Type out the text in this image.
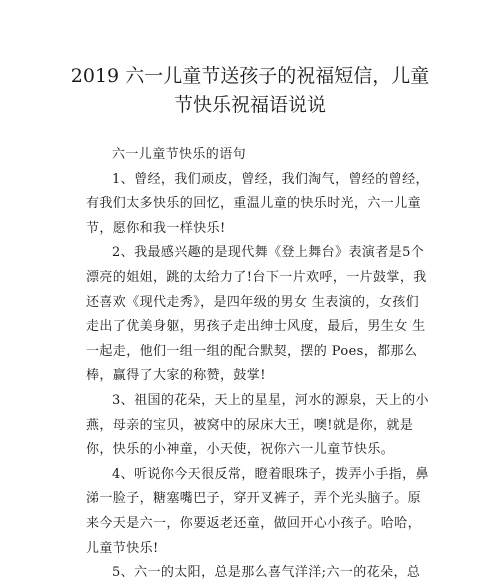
2019 六一儿童节送孩子的祝福短信，儿童
节快乐祝福语说说
六一儿童节快乐的语句
1、曾经，我们顽皮，曾经，我们淘气，曾经的曾经，
有我们太多快乐的回忆，重温儿童的快乐时光，六一儿童
节，愿你和我一样快乐!
2、我最感兴趣的是现代舞《登上舞台》表演者是5个
漂亮的姐姐，跳的太给力了!台下一片欢呼，一片鼓掌，我
还喜欢《现代走秀》，是四年级的男女 生表演的，女孩们
走出了优美身躯，男孩子走出绅士风度，最后，男生女 生
一起走，他们一组一组的配合默契，摆的 Poes，都那么
棒，赢得了大家的称赞，鼓掌!
3、祖国的花朵，天上的星星，河水的源泉，天上的小
燕，母亲的宝贝，被窝中的尿床大王，噢!就是你，就是
你，快乐的小神童，小天使，祝你六一儿童节快乐。
4、听说你今天很反常，瞪着眼珠子，拨弄小手指，鼻
涕一脸子，糖塞嘴巴子，穿开叉裤子，弄个光头脑子。原
来今天是六一，你要返老还童，做回开心小孩子。哈哈，
儿童节快乐!
5、六一的太阳，总是那么喜气洋洋;六一的花朵，总
